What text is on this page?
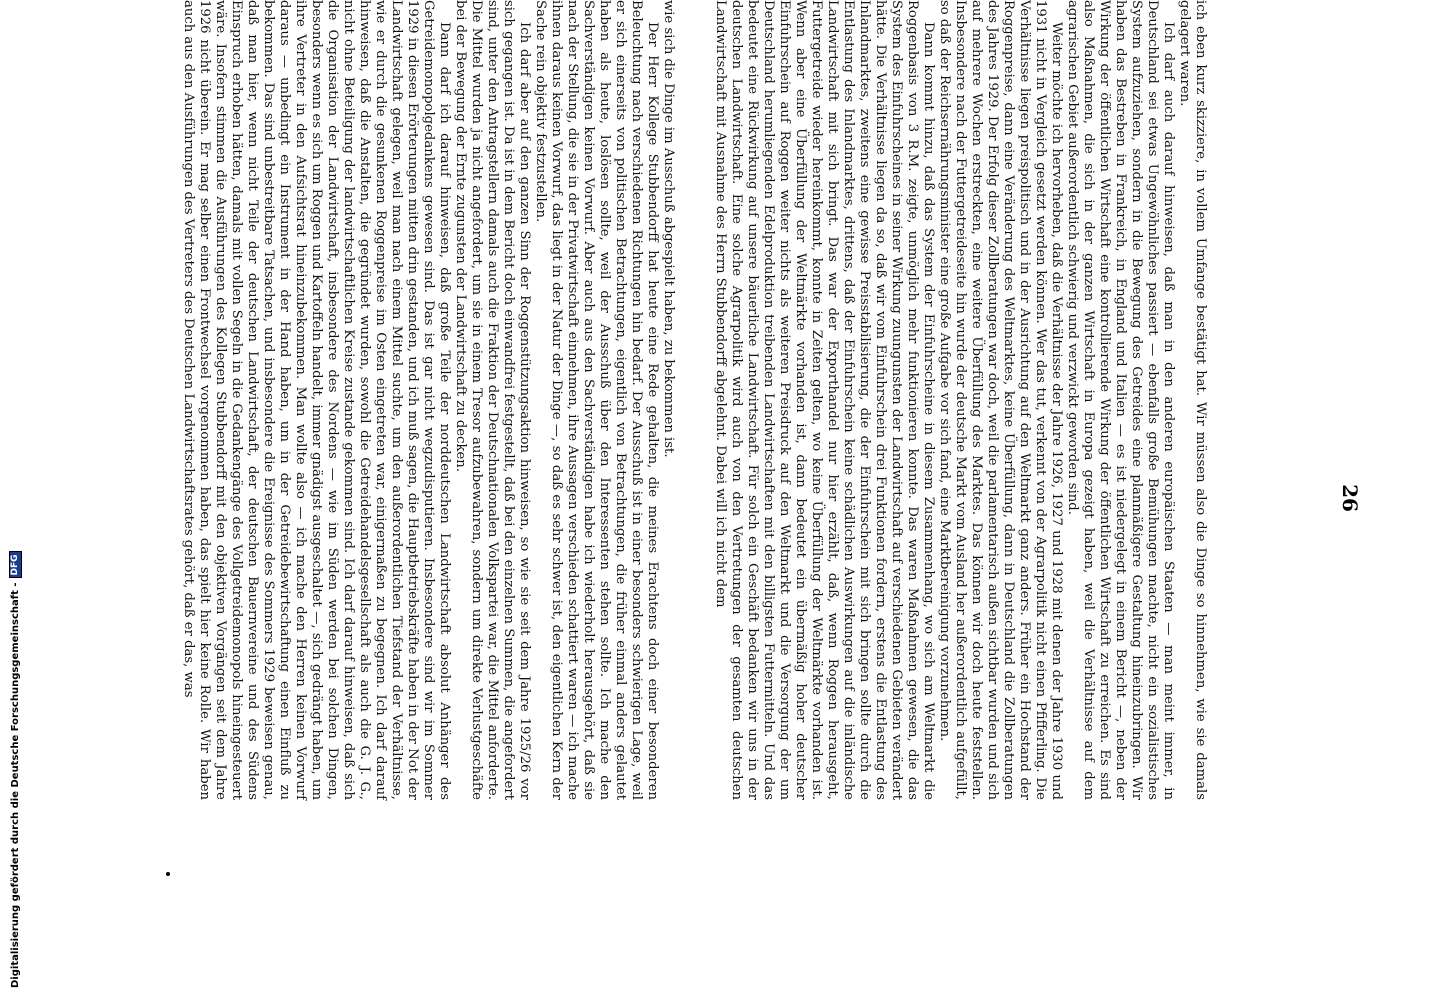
Digitalisierung gefördert durch die Deutsche Forschungsgemeinschaft -
DFG
26

ich eben kurz skizziere, in vollem Umfange bestätigt hat. Wir müssen also die Dinge so hinnehmen, wie sie damals gelagert waren.

Ich darf auch darauf hinweisen, daß man in den anderen europäischen Staaten — man meint immer, in Deutschland sei etwas Ungewöhnliches passiert — ebenfalls große Bemühungen machte, nicht ein sozialistisches System aufzuziehen, sondern in die Bewegung des Getreides eine planmäßigere Gestaltung hineinzubringen. Wir haben das Bestreben in Frankreich, in England und Italien — es ist niedergelegt in einem Bericht —, neben der Wirkung der öffentlichen Wirtschaft eine kontrollierende Wirkung der öffentlichen Wirtschaft zu erreichen. Es sind also Maßnahmen, die sich in der ganzen Wirtschaft in Europa gezeigt haben, weil die Verhältnisse auf dem agrarischen Gebiet außerordentlich schwierig und verzwickt geworden sind.

Weiter möchte ich hervorheben, daß die Verhältnisse der Jahre 1926, 1927 und 1928 mit denen der Jahre 1930 und 1931 nicht in Vergleich gesetzt werden können. Wer das tut, verkennt von der Agrarpolitik nicht einen Pfifferling. Die Verhältnisse liegen preispolitisch und in der Ausrichtung auf den Weltmarkt ganz anders. Früher ein Hochstand der Roggenpreise, dann eine Veränderung des Weltmarktes, keine Überfüllung, dann in Deutschland die Zollberatungen des Jahres 1929. Der Erfolg dieser Zollberatungen war doch, weil die parlamentarisch außen sichtbar wurden und sich auf mehrere Wochen erstreckten, eine weitere Überfüllung des Marktes. Das können wir doch heute feststellen. Insbesondere nach der Futtergetreideseite hin wurde der deutsche Markt vom Ausland her außerordentlich aufgefüllt, so daß der Reichsernährungsminister eine große Aufgabe vor sich fand, eine Marktbereinigung vorzunehmen.

Dann kommt hinzu, daß das System der Einfuhrscheine in diesem Zusammenhang, wo sich am Weltmarkt die Roggenbasis von 3 R.M. zeigte, unmöglich mehr funktionieren konnte. Das waren Maßnahmen gewesen, die das System des Einfuhrscheines in seiner Wirkung zuungunsten der Landwirtschaft auf verschiedenen Gebieten verändert hätte. Die Verhältnisse liegen da so, daß wir vom Einfuhrschein drei Funktionen fordern, erstens die Entlastung des Inlandmarktes, zweitens eine gewisse Preisstabilisierung, die der Einfuhrschein mit sich bringen sollte durch die Entlastung des Inlandmarktes, drittens, daß der Einfuhrschein keine schädlichen Auswirkungen auf die inländische Landwirtschaft mit sich bringt. Das war der Exporthandel nur hier erzählt, daß, wenn Roggen herausgeht, Futtergetreide wieder hereinkommt, konnte in Zeiten gelten, wo keine Überfüllung der Weltmärkte vorhanden ist. Wenn aber eine Überfüllung der Weltmärkte vorhanden ist, dann bedeutet ein übermäßig hoher deutscher Einfuhrschein auf Roggen weiter nichts als weiteren Preisdruck auf den Weltmarkt und die Versorgung der um Deutschland herumliegenden Edelproduktion treibenden Landwirtschaften mit den billigsten Futtermitteln. Und das bedeutet eine Rückwirkung auf unsere bäuerliche Landwirtschaft. Für solch ein Geschäft bedanken wir uns in der deutschen Landwirtschaft. Eine solche Agrarpolitik wird auch von den Vertretungen der gesamten deutschen Landwirtschaft mit Ausnahme des Herrn Stubbendorff abgelehnt. Dabei will ich nicht dem

wie sich die Dinge im Ausschuß abgespielt haben, zu bekommen ist.

Der Herr Kollege Stubbendorff hat heute eine Rede gehalten, die meines Erachtens doch einer besonderen Beleuchtung nach verschiedenen Richtungen hin bedarf. Der Ausschuß ist in einer besonders schwierigen Lage, weil er sich einerseits von politischen Betrachtungen, eigentlich von Betrachtungen, die früher einmal anders gelautet haben als heute, loslösen sollte, weil der Ausschuß über den Interessenten stehen sollte. Ich mache den Sachverständigen keinen Vorwurf. Aber auch aus den Sachverständigen habe ich wiederholt herausgehört, daß sie nach der Stellung, die sie in der Privatwirtschaft einnehmen, ihre Aussagen verschieden schattiert waren — ich mache ihnen daraus keinen Vorwurf, das liegt in der Natur der Dinge —, so daß es sehr schwer ist, den eigentlichen Kern der Sache rein objektiv festzustellen.

Ich darf aber auf den ganzen Sinn der Roggenstützungsaktion hinweisen, so wie sie seit dem Jahre 1925/26 vor sich gegangen ist. Da ist in dem Bericht doch einwandfrei festgestellt, daß bei den einzelnen Summen, die angefordert sind, unter den Antragstellern damals auch die Fraktion der Deutschnationalen Volkspartei war, die Mittel anforderte. Die Mittel wurden ja nicht angefordert, um sie in einem Tresor aufzubewahren, sondern um direkte Verlustgeschäfte bei der Bewegung der Ernte zugunsten der Landwirtschaft zu decken.

Dann darf ich darauf hinweisen, daß große Teile der norddeutschen Landwirtschaft absolut Anhänger des Getreidemonopolgedankens gewesen sind. Das ist gar nicht wegzudisputieren. Insbesondere sind wir im Sommer 1929 in diesen Erörterungen mitten drin gestanden, und ich muß sagen, die Hauptbetriebskräfte haben in der Not der Landwirtschaft gelegen, weil man nach einem Mittel suchte, um den außerordentlichen Tiefstand der Verhältnisse, wie er durch die gesunkenen Roggenpreise im Osten eingetreten war, einigermaßen zu begegnen. Ich darf darauf hinweisen, daß die Anstalten, die gegründet wurden, sowohl die Getreidehandelsgesellschaft als auch die G. J. G., nicht ohne Beteiligung der landwirtschaftlichen Kreise zustande gekommen sind. Ich darf darauf hinweisen, daß sich die Organisation der Landwirtschaft, insbesondere des Nordens — wie im Süden werden bei solchen Dingen, besonders wenn es sich um Roggen und Kartoffeln handelt, immer gnädigst ausgeschaltet —, sich gedrängt haben, um ihre Vertreter in den Aufsichtsrat hineinzubekommen. Man wollte also — ich mache den Herren keinen Vorwurf daraus — unbedingt ein Instrument in der Hand haben, um in der Getreidebewirtschaftung einen Einfluß zu bekommen. Das sind unbestreitbare Tatsachen, und insbesondere die Ereignisse des Sommers 1929 beweisen genau, daß man hier, wenn nicht Teile der deutschen Landwirtschaft, der deutschen Bauernvereine und des Südens Einspruch erhoben hätten, damals mit vollen Segeln in die Gedankengänge des Vollgetreidemonopols hineingesteuert wäre. Insofern stimmen die Ausführungen des Kollegen Stubbendorff mit den objektiven Vorgängen seit dem Jahre 1926 nicht überein. Er mag selber einen Frontwechsel vorgenommen haben, das spielt hier keine Rolle. Wir haben auch aus den Ausführungen des Vertreters des Deutschen Landwirtschaftsrates gehört, daß er das, was
